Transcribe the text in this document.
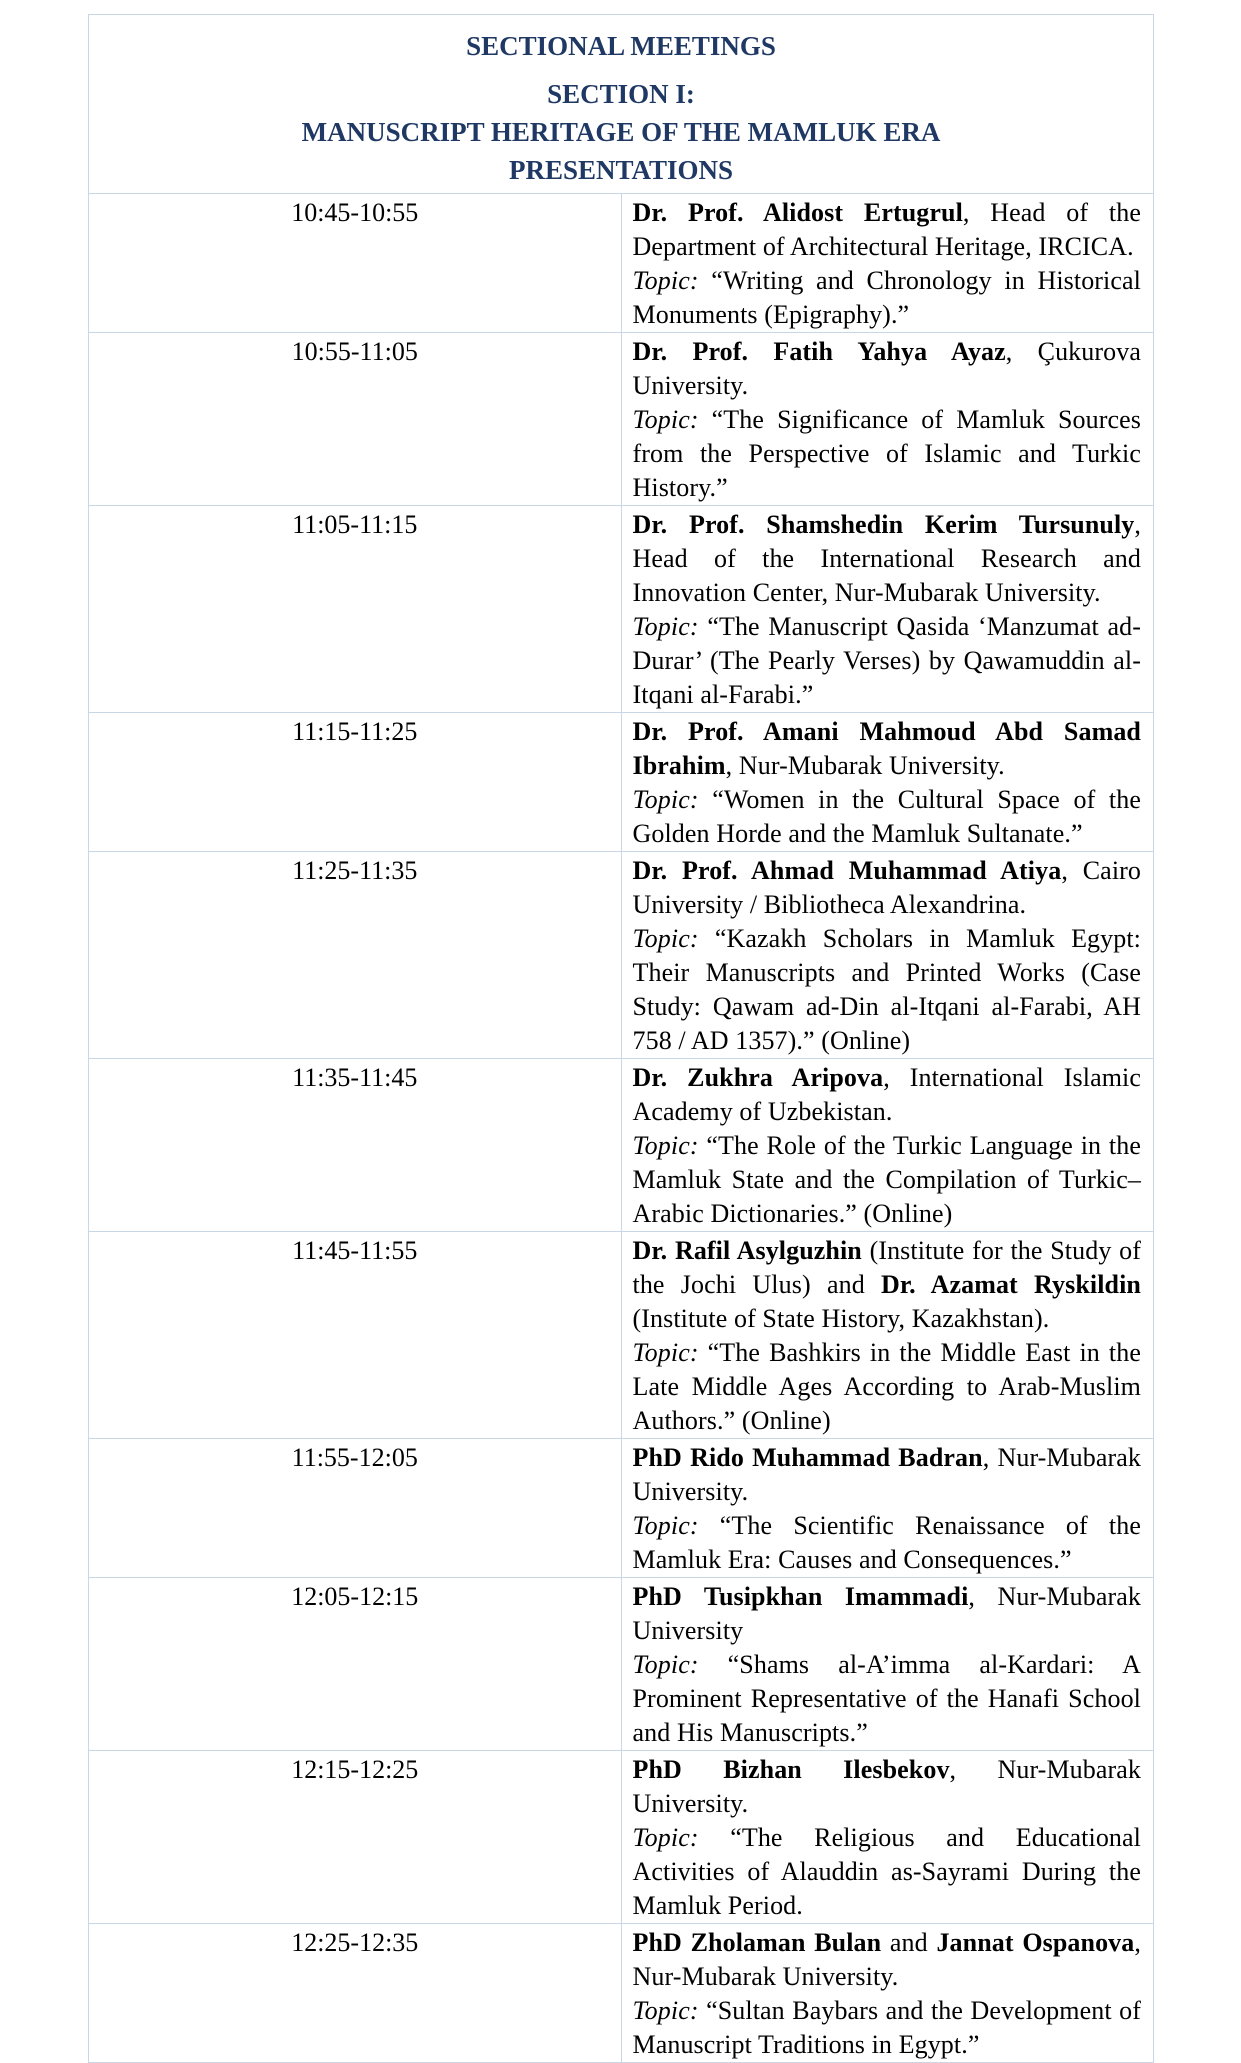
SECTIONAL MEETINGS
SECTION I:
MANUSCRIPT HERITAGE OF THE MAMLUK ERA
PRESENTATIONS	

10:45-10:55	Dr. Prof. Alidost Ertugrul, Head of the Department of Architectural Heritage, IRCICA.
Topic: “Writing and Chronology in Historical Monuments (Epigraphy).”

10:55-11:05	Dr. Prof. Fatih Yahya Ayaz, Çukurova University.
Topic: “The Significance of Mamluk Sources from the Perspective of Islamic and Turkic History.”

11:05-11:15	Dr. Prof. Shamshedin Kerim Tursunuly, Head of the International Research and Innovation Center, Nur-Mubarak University.
Topic: “The Manuscript Qasida ‘Manzumat ad-Durar’ (The Pearly Verses) by Qawamuddin al-Itqani al-Farabi.”

11:15-11:25	Dr. Prof. Amani Mahmoud Abd Samad Ibrahim, Nur-Mubarak University.
Topic: “Women in the Cultural Space of the Golden Horde and the Mamluk Sultanate.”

11:25-11:35	Dr. Prof. Ahmad Muhammad Atiya, Cairo University / Bibliotheca Alexandrina.
Topic: “Kazakh Scholars in Mamluk Egypt: Their Manuscripts and Printed Works (Case Study: Qawam ad-Din al-Itqani al-Farabi, AH 758 / AD 1357).” (Online)

11:35-11:45	Dr. Zukhra Aripova, International Islamic Academy of Uzbekistan.
Topic: “The Role of the Turkic Language in the Mamluk State and the Compilation of Turkic–Arabic Dictionaries.” (Online)

11:45-11:55	Dr. Rafil Asylguzhin (Institute for the Study of the Jochi Ulus) and Dr. Azamat Ryskildin (Institute of State History, Kazakhstan).
Topic: “The Bashkirs in the Middle East in the Late Middle Ages According to Arab-Muslim Authors.” (Online)

11:55-12:05	PhD Rido Muhammad Badran, Nur-Mubarak University.
Topic: “The Scientific Renaissance of the Mamluk Era: Causes and Consequences.”

12:05-12:15	PhD Tusipkhan Imammadi, Nur-Mubarak University
Topic: “Shams al-A’imma al-Kardari: A Prominent Representative of the Hanafi School and His Manuscripts.”

12:15-12:25	PhD Bizhan Ilesbekov, Nur-Mubarak University.
Topic: “The Religious and Educational Activities of Alauddin as-Sayrami During the Mamluk Period.

12:25-12:35	PhD Zholaman Bulan and Jannat Ospanova, Nur-Mubarak University.
Topic: “Sultan Baybars and the Development of Manuscript Traditions in Egypt.”
